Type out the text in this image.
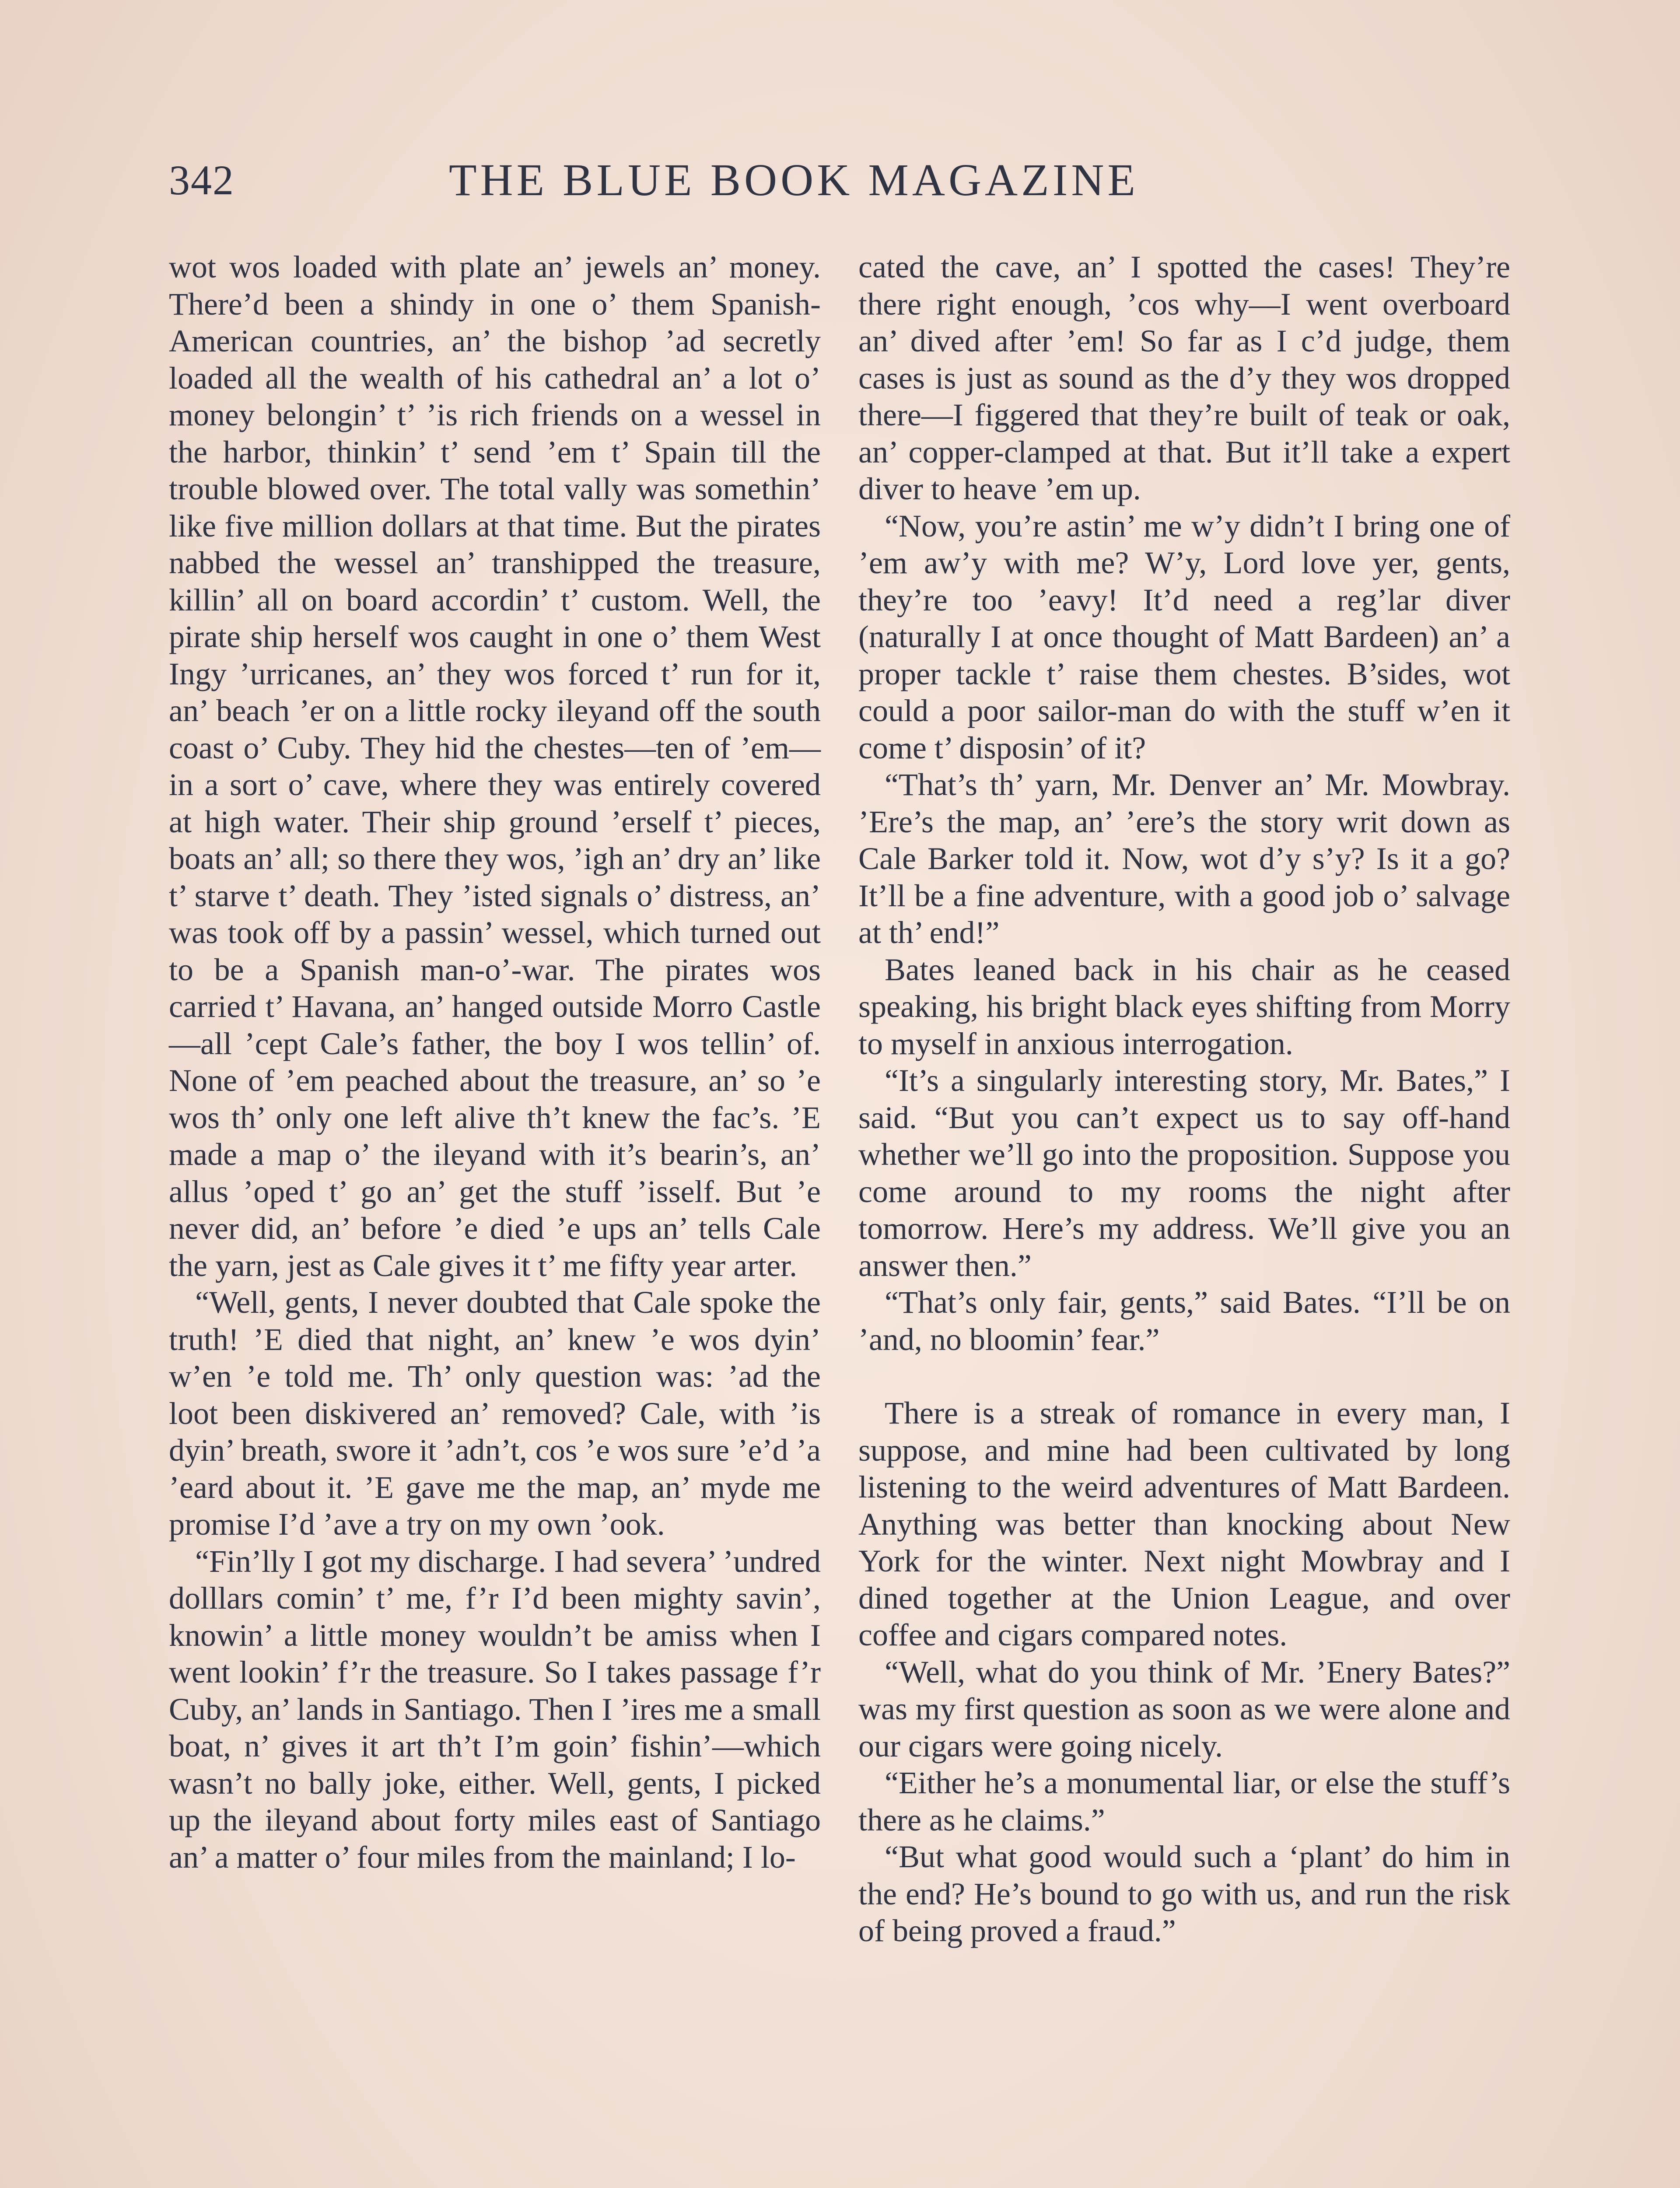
342	THE BLUE BOOK MAGAZINE

wot wos loaded with plate an’ jewels an’ money. There’d been a shindy in one o’ them Spanish-American countries, an’ the bishop ’ad secretly loaded all the wealth of his cathedral an’ a lot o’ money belongin’ t’ ’is rich friends on a wessel in the harbor, thinkin’ t’ send ’em t’ Spain till the trouble blowed over. The total vally was somethin’ like five million dollars at that time. But the pirates nabbed the wessel an’ transhipped the treasure, killin’ all on board accordin’ t’ custom. Well, the pirate ship herself wos caught in one o’ them West Ingy ’urricanes, an’ they wos forced t’ run for it, an’ beach ’er on a little rocky ileyand off the south coast o’ Cuby. They hid the chestes—ten of ’em—in a sort o’ cave, where they was entirely covered at high water. Their ship ground ’erself t’ pieces, boats an’ all; so there they wos, ’igh an’ dry an’ like t’ starve t’ death. They ’isted signals o’ distress, an’ was took off by a passin’ wessel, which turned out to be a Spanish man-o’-war. The pirates wos carried t’ Havana, an’ hanged outside Morro Castle—all ’cept Cale’s father, the boy I wos tellin’ of. None of ’em peached about the treasure, an’ so ’e wos th’ only one left alive th’t knew the fac’s. ’E made a map o’ the ileyand with it’s bearin’s, an’ allus ’oped t’ go an’ get the stuff ’isself. But ’e never did, an’ before ’e died ’e ups an’ tells Cale the yarn, jest as Cale gives it t’ me fifty year arter.

“Well, gents, I never doubted that Cale spoke the truth! ’E died that night, an’ knew ’e wos dyin’ w’en ’e told me. Th’ only question was: ’ad the loot been diskivered an’ removed? Cale, with ’is dyin’ breath, swore it ’adn’t, cos ’e wos sure ’e’d ’a ’eard about it. ’E gave me the map, an’ myde me promise I’d ’ave a try on my own ’ook.

“Fin’lly I got my discharge. I had severa’ ’undred dolllars comin’ t’ me, f’r I’d been mighty savin’, knowin’ a little money wouldn’t be amiss when I went lookin’ f’r the treasure. So I takes passage f’r Cuby, an’ lands in Santiago. Then I ’ires me a small boat, n’ gives it art th’t I’m goin’ fishin’—which wasn’t no bally joke, either. Well, gents, I picked up the ileyand about forty miles east of Santiago an’ a matter o’ four miles from the mainland; I lo-

cated the cave, an’ I spotted the cases! They’re there right enough, ’cos why—I went overboard an’ dived after ’em! So far as I c’d judge, them cases is just as sound as the d’y they wos dropped there—I figgered that they’re built of teak or oak, an’ copper-clamped at that. But it’ll take a expert diver to heave ’em up.

“Now, you’re astin’ me w’y didn’t I bring one of ’em aw’y with me? W’y, Lord love yer, gents, they’re too ’eavy! It’d need a reg’lar diver (naturally I at once thought of Matt Bardeen) an’ a proper tackle t’ raise them chestes. B’sides, wot could a poor sailor-man do with the stuff w’en it come t’ disposin’ of it?

“That’s th’ yarn, Mr. Denver an’ Mr. Mowbray. ’Ere’s the map, an’ ’ere’s the story writ down as Cale Barker told it. Now, wot d’y s’y? Is it a go? It’ll be a fine adventure, with a good job o’ salvage at th’ end!”

Bates leaned back in his chair as he ceased speaking, his bright black eyes shifting from Morry to myself in anxious interrogation.

“It’s a singularly interesting story, Mr. Bates,” I said. “But you can’t expect us to say off-hand whether we’ll go into the proposition. Suppose you come around to my rooms the night after tomorrow. Here’s my address. We’ll give you an answer then.”

“That’s only fair, gents,” said Bates. “I’ll be on ’and, no bloomin’ fear.”

There is a streak of romance in every man, I suppose, and mine had been cultivated by long listening to the weird adventures of Matt Bardeen. Anything was better than knocking about New York for the winter. Next night Mowbray and I dined together at the Union League, and over coffee and cigars compared notes.

“Well, what do you think of Mr. ’Enery Bates?” was my first question as soon as we were alone and our cigars were going nicely.

“Either he’s a monumental liar, or else the stuff’s there as he claims.”

“But what good would such a ‘plant’ do him in the end? He’s bound to go with us, and run the risk of being proved a fraud.”
